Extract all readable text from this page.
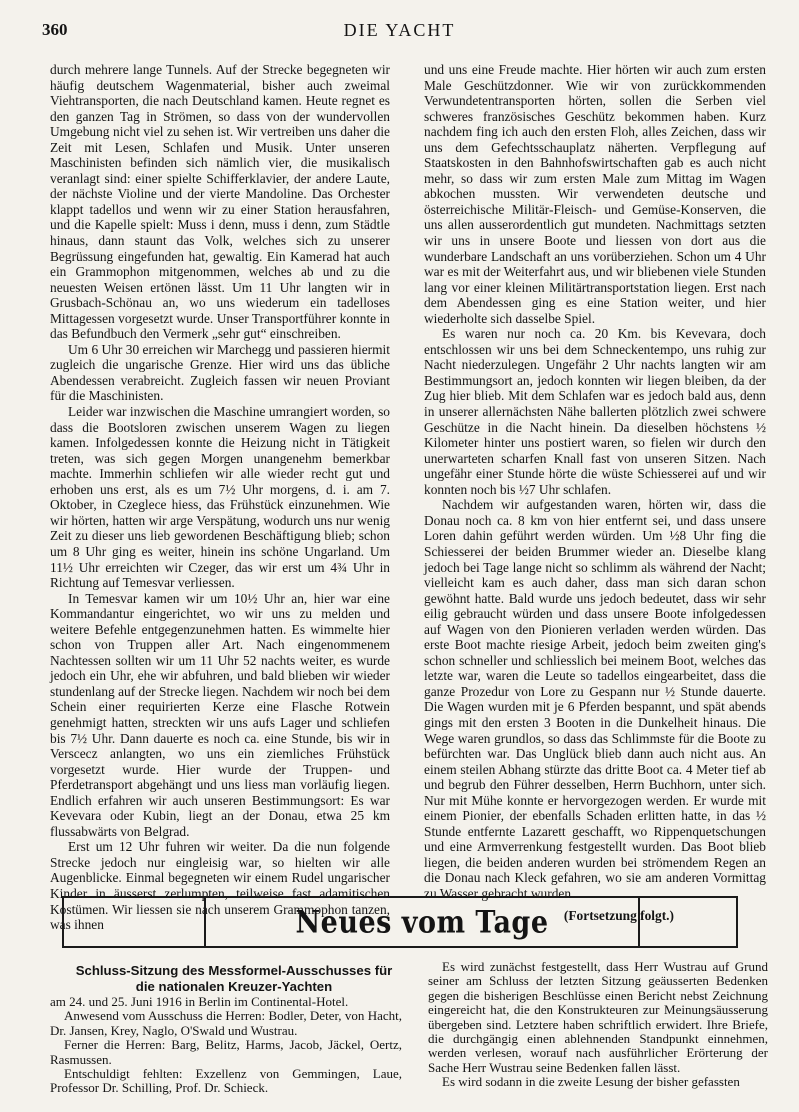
360	DIE YACHT

durch mehrere lange Tunnels. Auf der Strecke begegneten wir häufig deutschem Wagenmaterial, bisher auch zweimal Viehtransporten, die nach Deutschland kamen. Heute regnet es den ganzen Tag in Strömen, so dass von der wundervollen Umgebung nicht viel zu sehen ist. Wir vertreiben uns daher die Zeit mit Lesen, Schlafen und Musik. Unter unseren Maschinisten befinden sich nämlich vier, die musikalisch veranlagt sind: einer spielte Schifferklavier, der andere Laute, der nächste Violine und der vierte Mandoline. Das Orchester klappt tadellos und wenn wir zu einer Station herausfahren, und die Kapelle spielt: Muss i denn, muss i denn, zum Städtle hinaus, dann staunt das Volk, welches sich zu unserer Begrüssung eingefunden hat, gewaltig. Ein Kamerad hat auch ein Grammophon mitgenommen, welches ab und zu die neuesten Weisen ertönen lässt. Um 11 Uhr langten wir in Grusbach-Schönau an, wo uns wiederum ein tadelloses Mittagessen vorgesetzt wurde. Unser Transportführer konnte in das Befundbuch den Vermerk „sehr gut“ einschreiben.

Um 6 Uhr 30 erreichen wir Marchegg und passieren hiermit zugleich die ungarische Grenze. Hier wird uns das übliche Abendessen verabreicht. Zugleich fassen wir neuen Proviant für die Maschinisten.

Leider war inzwischen die Maschine umrangiert worden, so dass die Bootsloren zwischen unserem Wagen zu liegen kamen. Infolgedessen konnte die Heizung nicht in Tätigkeit treten, was sich gegen Morgen unangenehm bemerkbar machte. Immerhin schliefen wir alle wieder recht gut und erhoben uns erst, als es um 7½ Uhr morgens, d. i. am 7. Oktober, in Czeglece hiess, das Frühstück einzunehmen. Wie wir hörten, hatten wir arge Verspätung, wodurch uns nur wenig Zeit zu dieser uns lieb gewordenen Beschäftigung blieb; schon um 8 Uhr ging es weiter, hinein ins schöne Ungarland. Um 11½ Uhr erreichten wir Czeger, das wir erst um 4¾ Uhr in Richtung auf Temesvar verliessen.

In Temesvar kamen wir um 10½ Uhr an, hier war eine Kommandantur eingerichtet, wo wir uns zu melden und weitere Befehle entgegenzunehmen hatten. Es wimmelte hier schon von Truppen aller Art. Nach eingenommenem Nachtessen sollten wir um 11 Uhr 52 nachts weiter, es wurde jedoch ein Uhr, ehe wir abfuhren, und bald blieben wir wieder stundenlang auf der Strecke liegen. Nachdem wir noch bei dem Schein einer requirierten Kerze eine Flasche Rotwein genehmigt hatten, streckten wir uns aufs Lager und schliefen bis 7½ Uhr. Dann dauerte es noch ca. eine Stunde, bis wir in Verscecz anlangten, wo uns ein ziemliches Frühstück vorgesetzt wurde. Hier wurde der Truppen- und Pferdetransport abgehängt und uns liess man vorläufig liegen. Endlich erfahren wir auch unseren Bestimmungsort: Es war Kevevara oder Kubin, liegt an der Donau, etwa 25 km flussabwärts von Belgrad.

Erst um 12 Uhr fuhren wir weiter. Da die nun folgende Strecke jedoch nur eingleisig war, so hielten wir alle Augenblicke. Einmal begegneten wir einem Rudel ungarischer Kinder in äusserst zerlumpten, teilweise fast adamitischen Kostümen. Wir liessen sie nach unserem Grammophon tanzen, was ihnen

und uns eine Freude machte. Hier hörten wir auch zum ersten Male Geschützdonner. Wie wir von zurückkommenden Verwundetentransporten hörten, sollen die Serben viel schweres französisches Geschütz bekommen haben. Kurz nachdem fing ich auch den ersten Floh, alles Zeichen, dass wir uns dem Gefechtsschauplatz näherten. Verpflegung auf Staatskosten in den Bahnhofswirtschaften gab es auch nicht mehr, so dass wir zum ersten Male zum Mittag im Wagen abkochen mussten. Wir verwendeten deutsche und österreichische Militär-Fleisch- und Gemüse-Konserven, die uns allen ausserordentlich gut mundeten. Nachmittags setzten wir uns in unsere Boote und liessen von dort aus die wunderbare Landschaft an uns vorüberziehen. Schon um 4 Uhr war es mit der Weiterfahrt aus, und wir bliebenen viele Stunden lang vor einer kleinen Militärtransportstation liegen. Erst nach dem Abendessen ging es eine Station weiter, und hier wiederholte sich dasselbe Spiel.

Es waren nur noch ca. 20 Km. bis Kevevara, doch entschlossen wir uns bei dem Schneckentempo, uns ruhig zur Nacht niederzulegen. Ungefähr 2 Uhr nachts langten wir am Bestimmungsort an, jedoch konnten wir liegen bleiben, da der Zug hier blieb. Mit dem Schlafen war es jedoch bald aus, denn in unserer allernächsten Nähe ballerten plötzlich zwei schwere Geschütze in die Nacht hinein. Da dieselben höchstens ½ Kilometer hinter uns postiert waren, so fielen wir durch den unerwarteten scharfen Knall fast von unseren Sitzen. Nach ungefähr einer Stunde hörte die wüste Schiesserei auf und wir konnten noch bis ½7 Uhr schlafen.

Nachdem wir aufgestanden waren, hörten wir, dass die Donau noch ca. 8 km von hier entfernt sei, und dass unsere Loren dahin geführt werden würden. Um ½8 Uhr fing die Schiesserei der beiden Brummer wieder an. Dieselbe klang jedoch bei Tage lange nicht so schlimm als während der Nacht; vielleicht kam es auch daher, dass man sich daran schon gewöhnt hatte. Bald wurde uns jedoch bedeutet, dass wir sehr eilig gebraucht würden und dass unsere Boote infolgedessen auf Wagen von den Pionieren verladen werden würden. Das erste Boot machte riesige Arbeit, jedoch beim zweiten ging's schon schneller und schliesslich bei meinem Boot, welches das letzte war, waren die Leute so tadellos eingearbeitet, dass die ganze Prozedur von Lore zu Gespann nur ½ Stunde dauerte. Die Wagen wurden mit je 6 Pferden bespannt, und spät abends gings mit den ersten 3 Booten in die Dunkelheit hinaus. Die Wege waren grundlos, so dass das Schlimmste für die Boote zu befürchten war. Das Unglück blieb dann auch nicht aus. An einem steilen Abhang stürzte das dritte Boot ca. 4 Meter tief ab und begrub den Führer desselben, Herrn Buchhorn, unter sich. Nur mit Mühe konnte er hervorgezogen werden. Er wurde mit einem Pionier, der ebenfalls Schaden erlitten hatte, in das ½ Stunde entfernte Lazarett geschafft, wo Rippenquetschungen und eine Armverrenkung festgestellt wurden. Das Boot blieb liegen, die beiden anderen wurden bei strömendem Regen an die Donau nach Kleck gefahren, wo sie am anderen Vormittag zu Wasser gebracht wurden.

(Fortsetzung folgt.)

Neues vom Tage
Schluss-Sitzung des Messformel-Ausschusses für die nationalen Kreuzer-Yachten

am 24. und 25. Juni 1916 in Berlin im Continental-Hotel.

Anwesend vom Ausschuss die Herren: Bodler, Deter, von Hacht, Dr. Jansen, Krey, Naglo, O'Swald und Wustrau.

Ferner die Herren: Barg, Belitz, Harms, Jacob, Jäckel, Oertz, Rasmussen.

Entschuldigt fehlten: Exzellenz von Gemmingen, Laue, Professor Dr. Schilling, Prof. Dr. Schieck.

Es wird zunächst festgestellt, dass Herr Wustrau auf Grund seiner am Schluss der letzten Sitzung geäusserten Bedenken gegen die bisherigen Beschlüsse einen Bericht nebst Zeichnung eingereicht hat, die den Konstrukteuren zur Meinungsäusserung übergeben sind. Letztere haben schriftlich erwidert. Ihre Briefe, die durchgängig einen ablehnenden Standpunkt einnehmen, werden verlesen, worauf nach ausführlicher Erörterung der Sache Herr Wustrau seine Bedenken fallen lässt.

Es wird sodann in die zweite Lesung der bisher gefassten
